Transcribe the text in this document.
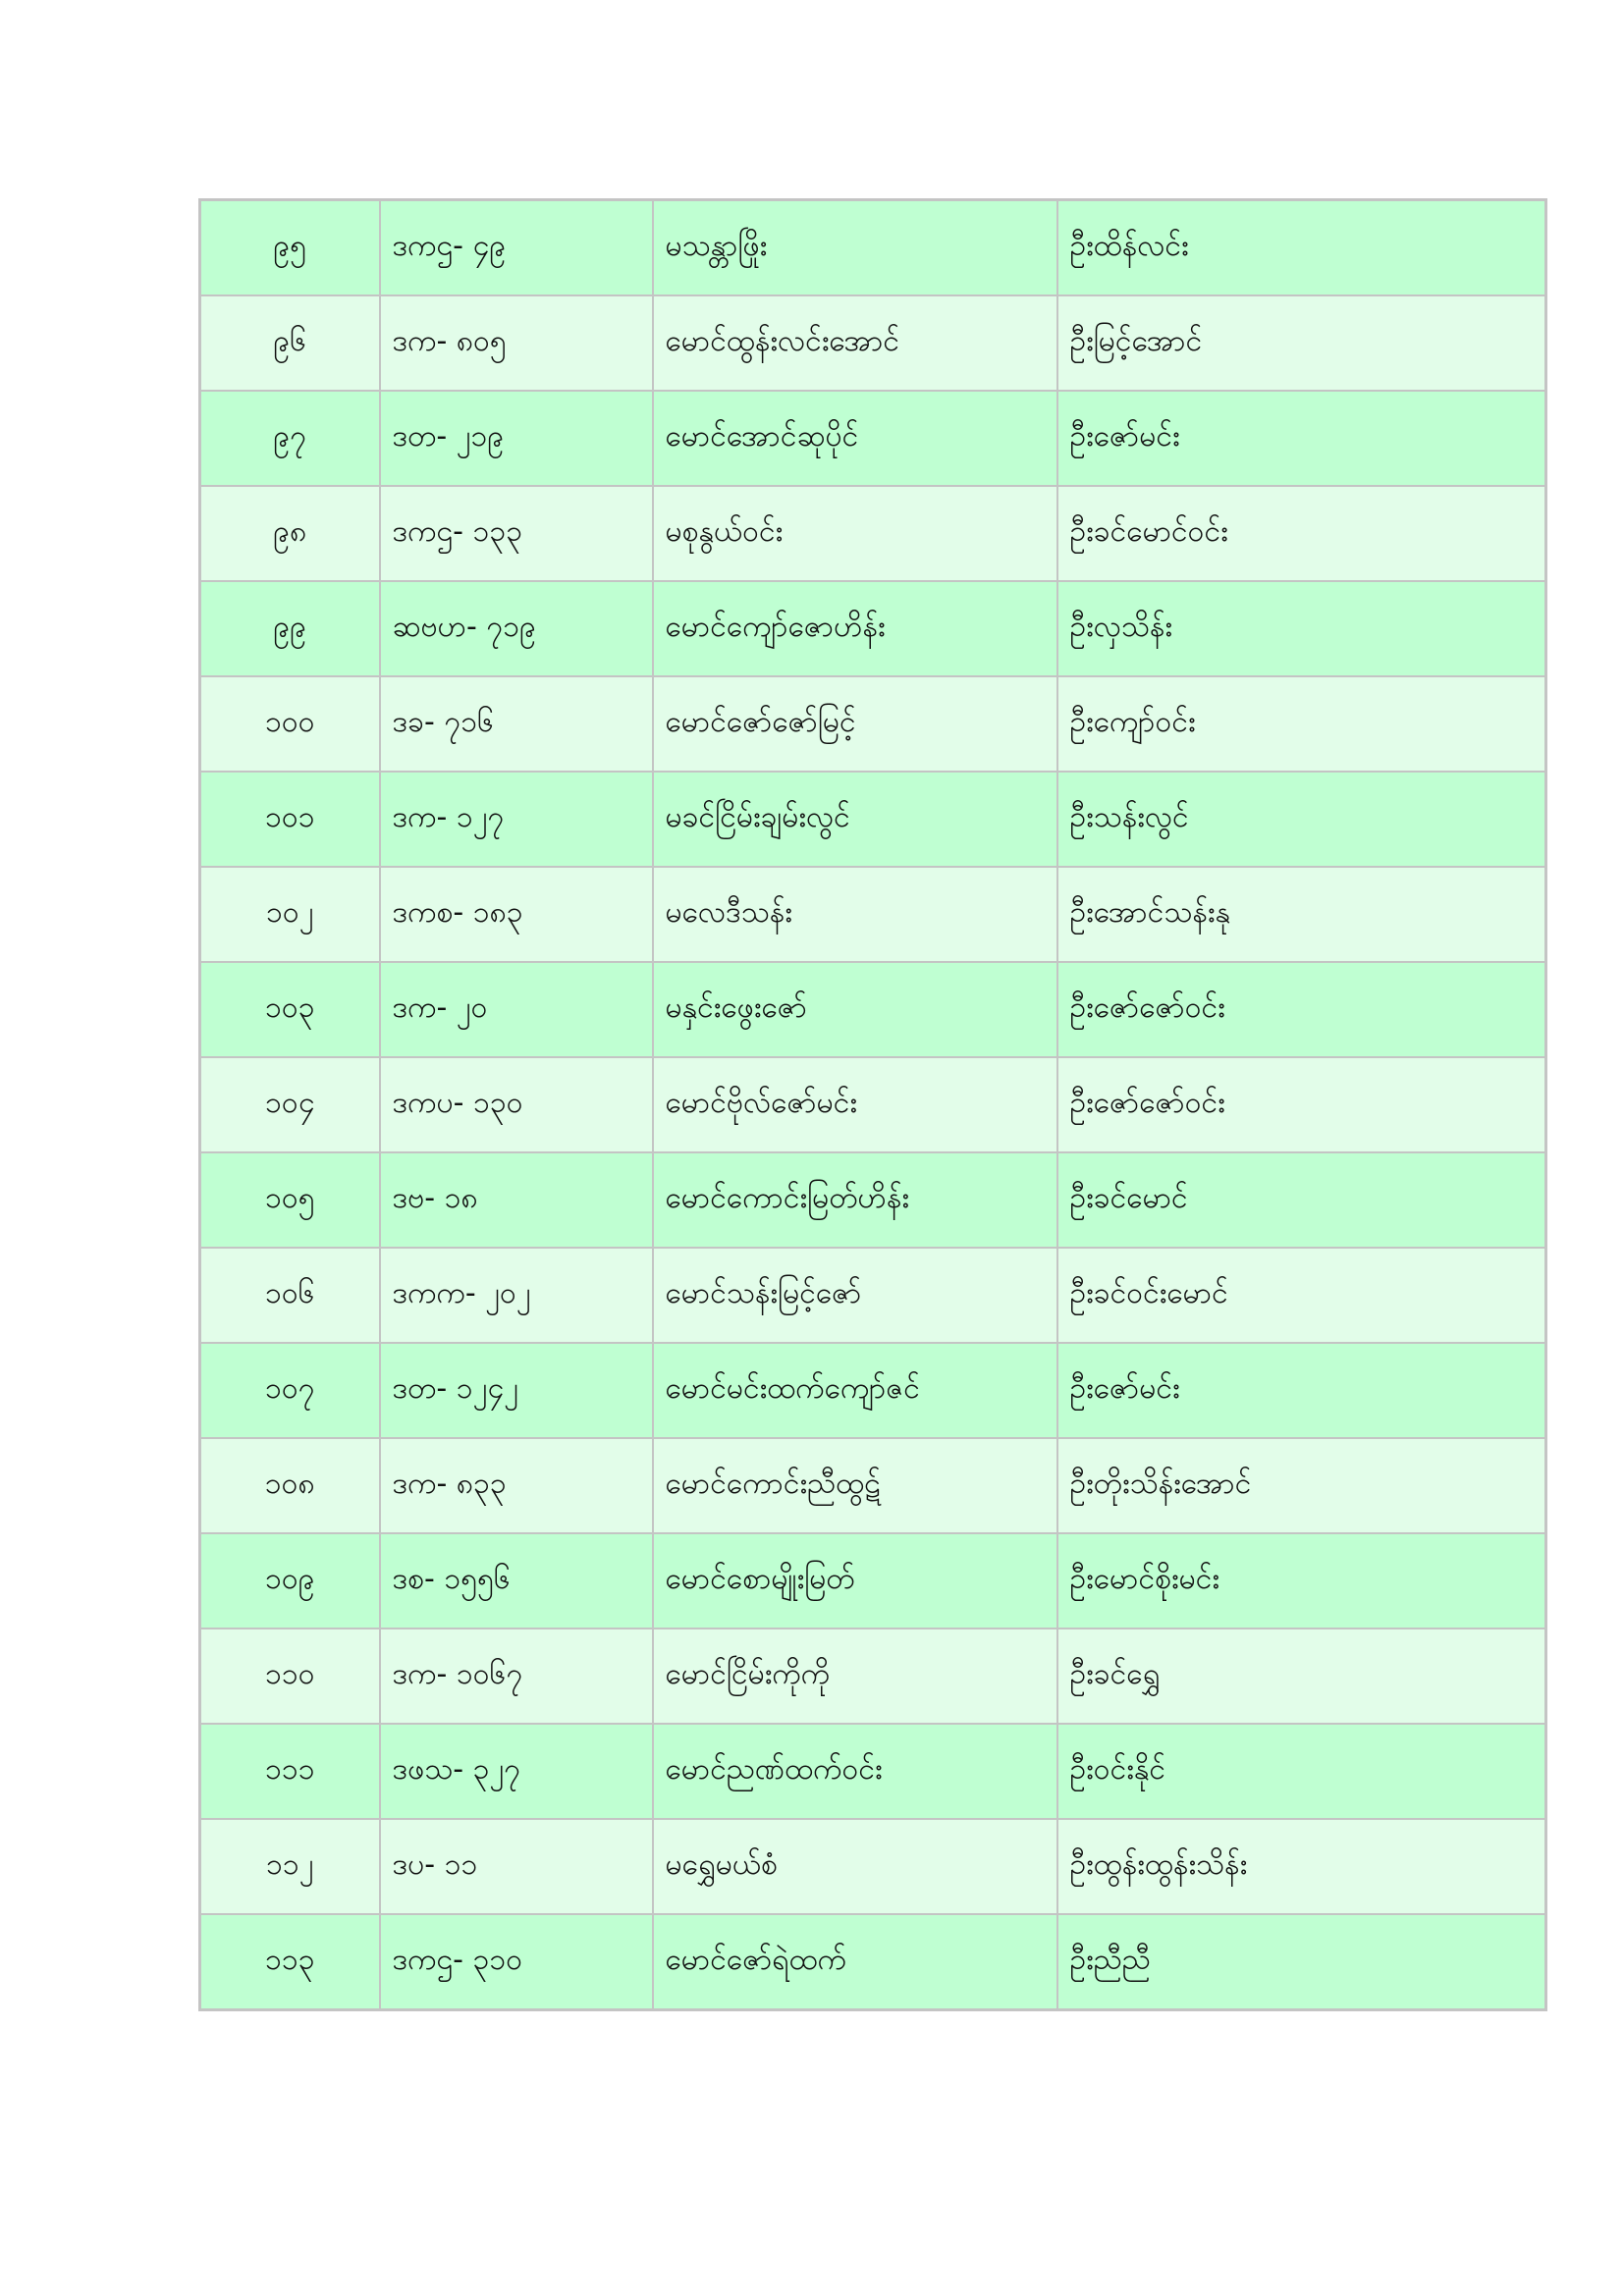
၉၅	ဒကဌ- ၄၉	မသန္တာဖြိုး	ဦးထိန်လင်း
၉၆	ဒက- ၈၀၅	မောင်ထွန်းလင်းအောင်	ဦးမြင့်အောင်
၉၇	ဒတ- ၂၁၉	မောင်အောင်ဆုပိုင်	ဦးဇော်မင်း
၉၈	ဒကဌ- ၁၃၃	မစုနွယ်ဝင်း	ဦးခင်မောင်ဝင်း
၉၉	ဆဗဟ- ၇၁၉	မောင်ကျော်ဇောဟိန်း	ဦးလှသိန်း
၁၀၀	ဒခ- ၇၁၆	မောင်ဇော်ဇော်မြင့်	ဦးကျော်ဝင်း
၁၀၁	ဒက- ၁၂၇	မခင်ငြိမ်းချမ်းလွင်	ဦးသန်းလွင်
၁၀၂	ဒကစ- ၁၈၃	မလေဒီသန်း	ဦးအောင်သန်းနု
၁၀၃	ဒက- ၂၀	မနှင်းဖွေးဇော်	ဦးဇော်ဇော်ဝင်း
၁၀၄	ဒကပ- ၁၃၀	မောင်ဗိုလ်ဇော်မင်း	ဦးဇော်ဇော်ဝင်း
၁၀၅	ဒဗ- ၁၈	မောင်ကောင်းမြတ်ဟိန်း	ဦးခင်မောင်
၁၀၆	ဒကက- ၂၀၂	မောင်သန်းမြင့်ဇော်	ဦးခင်ဝင်းမောင်
၁၀၇	ဒတ- ၁၂၄၂	မောင်မင်းထက်ကျော်ဇင်	ဦးဇော်မင်း
၁၀၈	ဒက- ၈၃၃	မောင်ကောင်းညီထွဋ်	ဦးတိုးသိန်းအောင်
၁၀၉	ဒစ- ၁၅၅၆	မောင်စောမျိုးမြတ်	ဦးမောင်စိုးမင်း
၁၁၀	ဒက- ၁၀၆၇	မောင်ငြိမ်းကိုကို	ဦးခင်ရွှေ
၁၁၁	ဒဖသ- ၃၂၇	မောင်ညဏ်ထက်ဝင်း	ဦးဝင်းနိုင်
၁၁၂	ဒပ- ၁၁	မရွှေမယ်စံ	ဦးထွန်းထွန်းသိန်း
၁၁၃	ဒကဌ- ၃၁၀	မောင်ဇော်ရဲထက်	ဦးညီညီ
